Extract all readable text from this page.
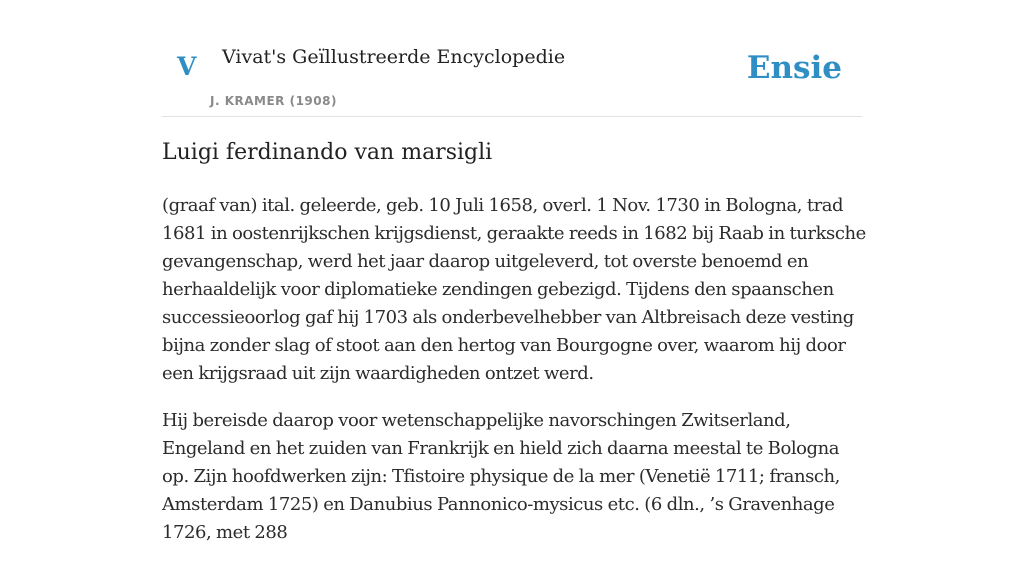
V Vivat's Geïllustreerde Encyclopedie
J. KRAMER (1908)
Ensie
Luigi ferdinando van marsigli

(graaf van) ital. geleerde, geb. 10 Juli 1658, overl. 1 Nov. 1730 in Bologna, trad 1681 in oostenrijkschen krijgsdienst, geraakte reeds in 1682 bij Raab in turksche gevangenschap, werd het jaar daarop uitgeleverd, tot overste benoemd en herhaaldelijk voor diplomatieke zendingen gebezigd. Tijdens den spaanschen successieoorlog gaf hij 1703 als onderbevelhebber van Altbreisach deze vesting bijna zonder slag of stoot aan den hertog van Bourgogne over, waarom hij door een krijgsraad uit zijn waardigheden ontzet werd.

Hij bereisde daarop voor wetenschappelijke navorschingen Zwitserland, Engeland en het zuiden van Frankrijk en hield zich daarna meestal te Bologna op. Zijn hoofdwerken zijn: Tfistoire physique de la mer (Venetië 1711; fransch, Amsterdam 1725) en Danubius Pannonico-mysicus etc. (6 dln., ’s Gravenhage 1726, met 288
